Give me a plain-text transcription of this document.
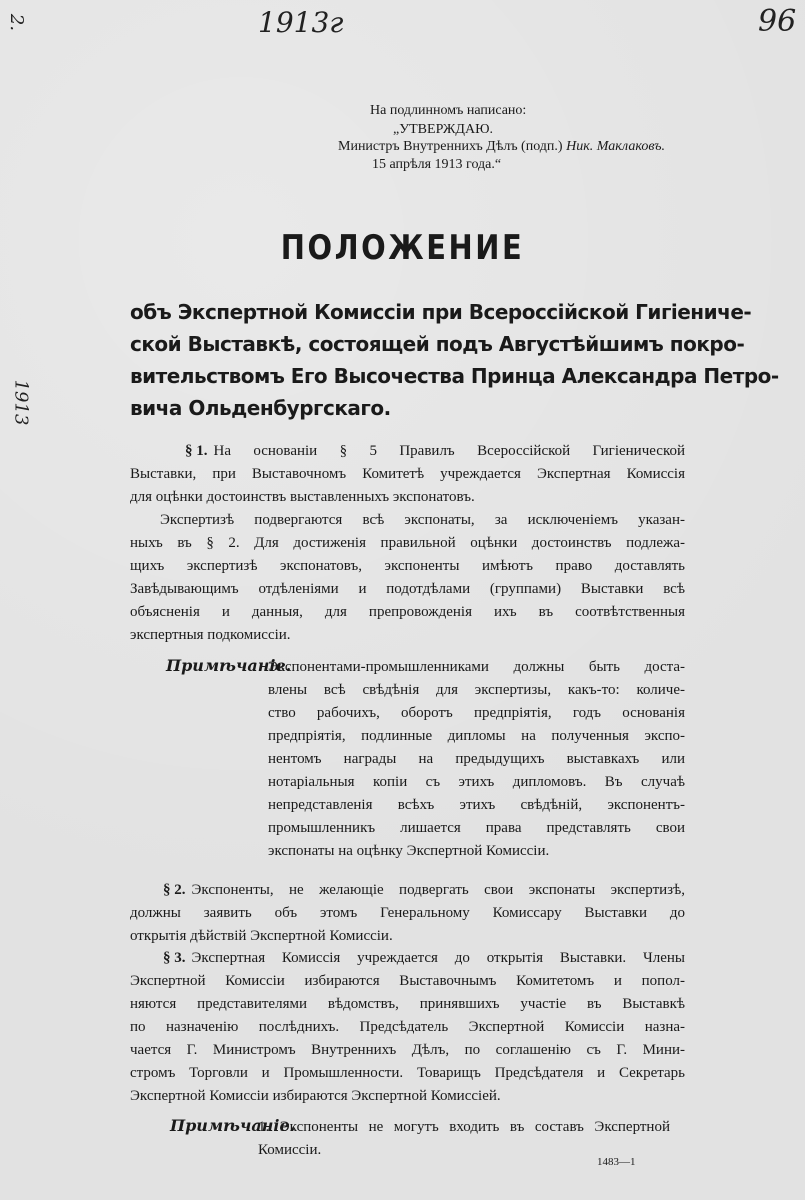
2.	1913г	96
1913
На подлинномъ написано:
„УТВЕРЖДАЮ.
Министръ Внутреннихъ Дѣлъ (подп.) Ник. Маклаковъ.
15 апрѣля 1913 года.“
ПОЛОЖЕНИЕ
объ Экспертной Комиссіи при Всероссійской Гигіениче-
ской Выставкѣ, состоящей подъ Августѣйшимъ покро-
вительствомъ Его Высочества Принца Александра Петро-
вича Ольденбургскаго.
§ 1. На основаніи § 5 Правилъ Всероссійской Гигіенической
Выставки, при Выставочномъ Комитетѣ учреждается Экспертная Комиссія
для оцѣнки достоинствъ выставленныхъ экспонатовъ.
Экспертизѣ подвергаются всѣ экспонаты, за исключеніемъ указан-
ныхъ въ § 2. Для достиженія правильной оцѣнки достоинствъ подлежа-
щихъ экспертизѣ экспонатовъ, экспоненты имѣютъ право доставлять
Завѣдывающимъ отдѣленіями и подотдѣлами (группами) Выставки всѣ
объясненія и данныя, для препровожденія ихъ въ соотвѣтственныя
экспертныя подкомиссіи.
Примѣчаніе.
Экспонентами-промышленниками должны быть доста-
влены всѣ свѣдѣнія для экспертизы, какъ-то: количе-
ство рабочихъ, оборотъ предпріятія, годъ основанія
предпріятія, подлинные дипломы на полученныя экспо-
нентомъ награды на предыдущихъ выставкахъ или
нотаріальныя копіи съ этихъ дипломовъ. Въ случаѣ
непредставленія всѣхъ этихъ свѣдѣній, экспонентъ-
промышленникъ лишается права представлять свои
экспонаты на оцѣнку Экспертной Комиссіи.
§ 2. Экспоненты, не желающіе подвергать свои экспонаты экспертизѣ,
должны заявить объ этомъ Генеральному Комиссару Выставки до
открытія дѣйствій Экспертной Комиссіи.
§ 3. Экспертная Комиссія учреждается до открытія Выставки. Члены
Экспертной Комиссіи избираются Выставочнымъ Комитетомъ и попол-
няются представителями вѣдомствъ, принявшихъ участіе въ Выставкѣ
по назначенію послѣднихъ. Предсѣдатель Экспертной Комиссіи назна-
чается Г. Министромъ Внутреннихъ Дѣлъ, по соглашенію съ Г. Мини-
стромъ Торговли и Промышленности. Товарищъ Предсѣдателя и Секретарь
Экспертной Комиссіи избираются Экспертной Комиссіей.
Примѣчаніе.
1. Экспоненты не могутъ входить въ составъ Экспертной
Комиссіи.
1483—1
